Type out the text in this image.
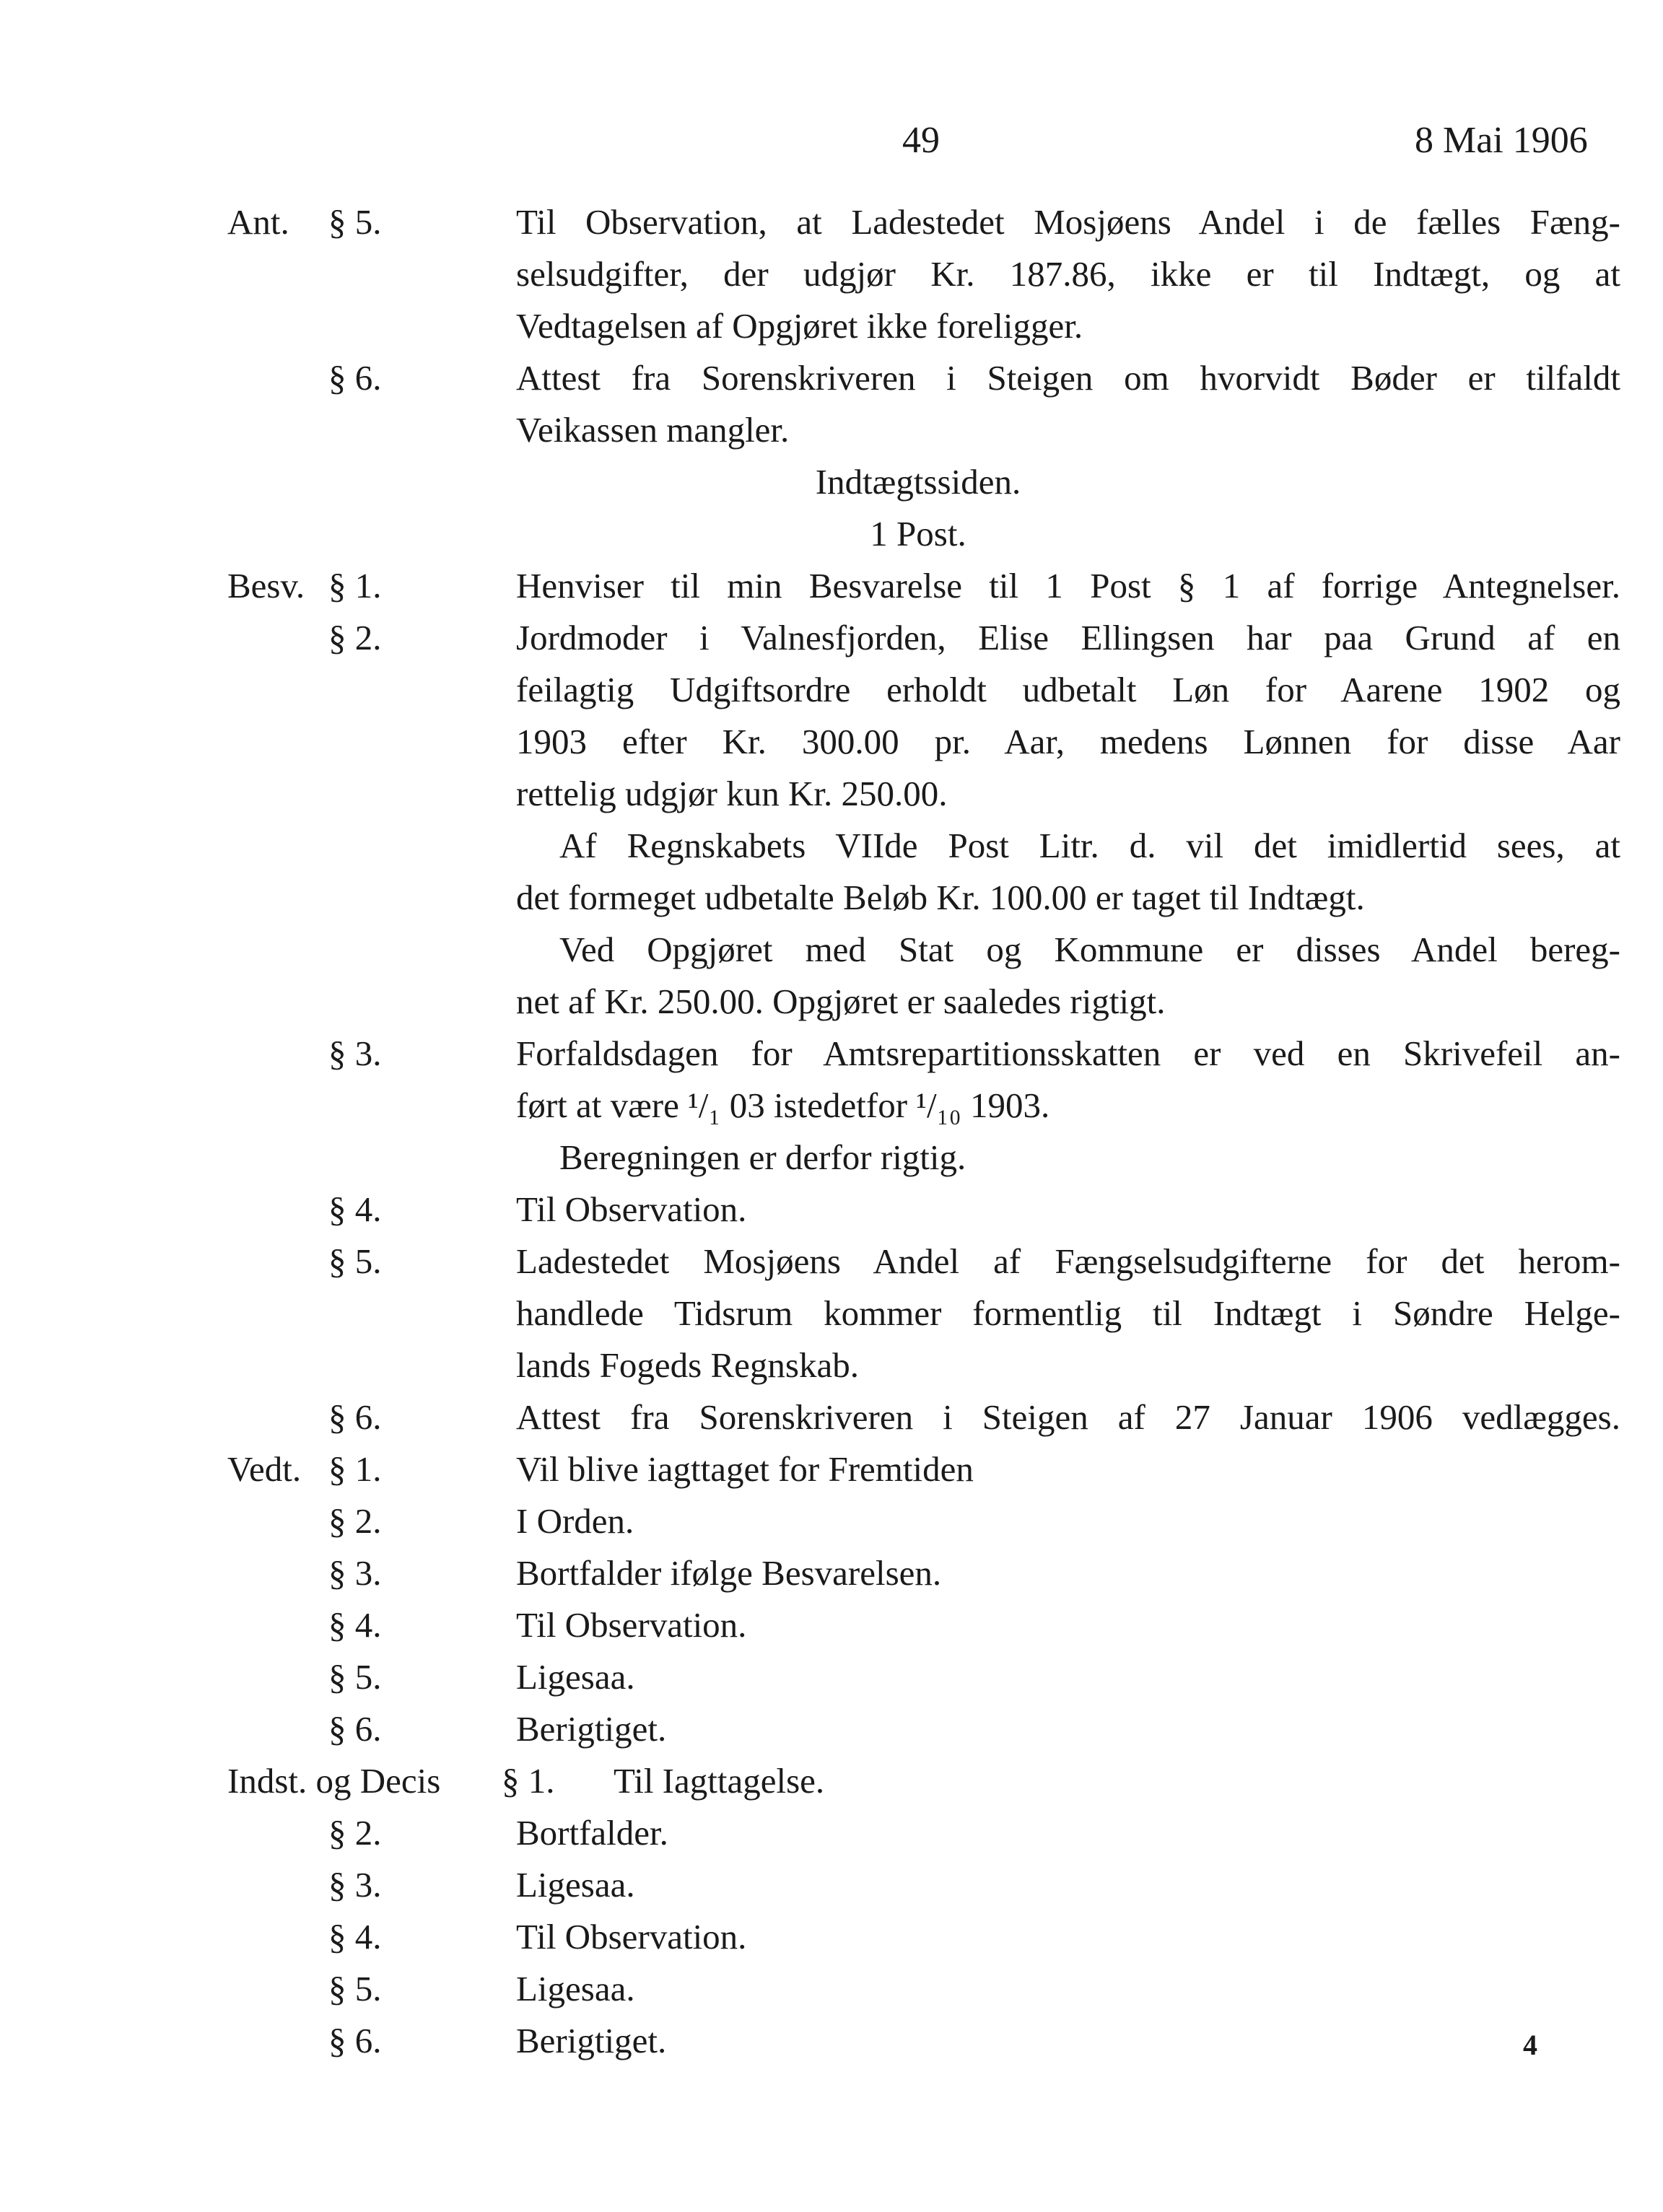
49	8 Mai 1906
Ant. § 5.	Til Observation, at Ladestedet Mosjøens Andel i de fælles Fæng-
selsudgifter, der udgjør Kr. 187.86, ikke er til Indtægt, og at
Vedtagelsen af Opgjøret ikke foreligger.
§ 6.	Attest fra Sorenskriveren i Steigen om hvorvidt Bøder er tilfaldt
Veikassen mangler.
Indtægtssiden.
1 Post.
Besv. § 1.	Henviser til min Besvarelse til 1 Post § 1 af forrige Antegnelser.
§ 2.	Jordmoder i Valnesfjorden, Elise Ellingsen har paa Grund af en
feilagtig Udgiftsordre erholdt udbetalt Løn for Aarene 1902 og
1903 efter Kr. 300.00 pr. Aar, medens Lønnen for disse Aar
rettelig udgjør kun Kr. 250.00.
Af Regnskabets VIIde Post Litr. d. vil det imidlertid sees, at
det formeget udbetalte Beløb Kr. 100.00 er taget til Indtægt.
Ved Opgjøret med Stat og Kommune er disses Andel bereg-
net af Kr. 250.00. Opgjøret er saaledes rigtigt.
§ 3.	Forfaldsdagen for Amtsrepartitionsskatten er ved en Skrivefeil an-
ført at være ¹/₁ 03 istedetfor ¹/₁₀ 1903.
Beregningen er derfor rigtig.
§ 4.	Til Observation.
§ 5.	Ladestedet Mosjøens Andel af Fængselsudgifterne for det herom-
handlede Tidsrum kommer formentlig til Indtægt i Søndre Helge-
lands Fogeds Regnskab.
§ 6.	Attest fra Sorenskriveren i Steigen af 27 Januar 1906 vedlægges.
Vedt. § 1.	Vil blive iagttaget for Fremtiden
§ 2.	I Orden.
§ 3.	Bortfalder ifølge Besvarelsen.
§ 4.	Til Observation.
§ 5.	Ligesaa.
§ 6.	Berigtiget.
Indst. og Decis § 1. Til Iagttagelse.
§ 2.	Bortfalder.
§ 3.	Ligesaa.
§ 4.	Til Observation.
§ 5.	Ligesaa.
§ 6.	Berigtiget.	4
